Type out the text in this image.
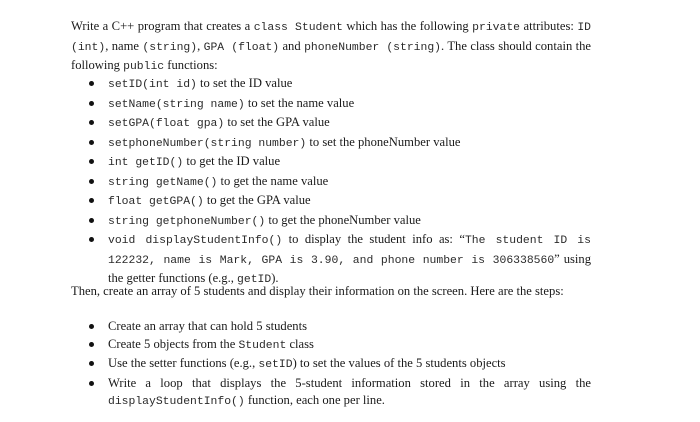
Write a C++ program that creates a class Student which has the following private attributes: ID (int), name (string), GPA (float) and phoneNumber (string). The class should contain the following public functions:

setID(int id) to set the ID value
setName(string name) to set the name value
setGPA(float gpa) to set the GPA value
setphoneNumber(string number) to set the phoneNumber value
int getID() to get the ID value
string getName() to get the name value
float getGPA() to get the GPA value
string getphoneNumber() to get the phoneNumber value
void displayStudentInfo() to display the student info as: “The student ID is 122232, name is Mark, GPA is 3.90, and phone number is 306338560” using the getter functions (e.g., getID).

Then, create an array of 5 students and display their information on the screen. Here are the steps:

Create an array that can hold 5 students
Create 5 objects from the Student class
Use the setter functions (e.g., setID) to set the values of the 5 students objects
Write a loop that displays the 5-student information stored in the array using the displayStudentInfo() function, each one per line.
